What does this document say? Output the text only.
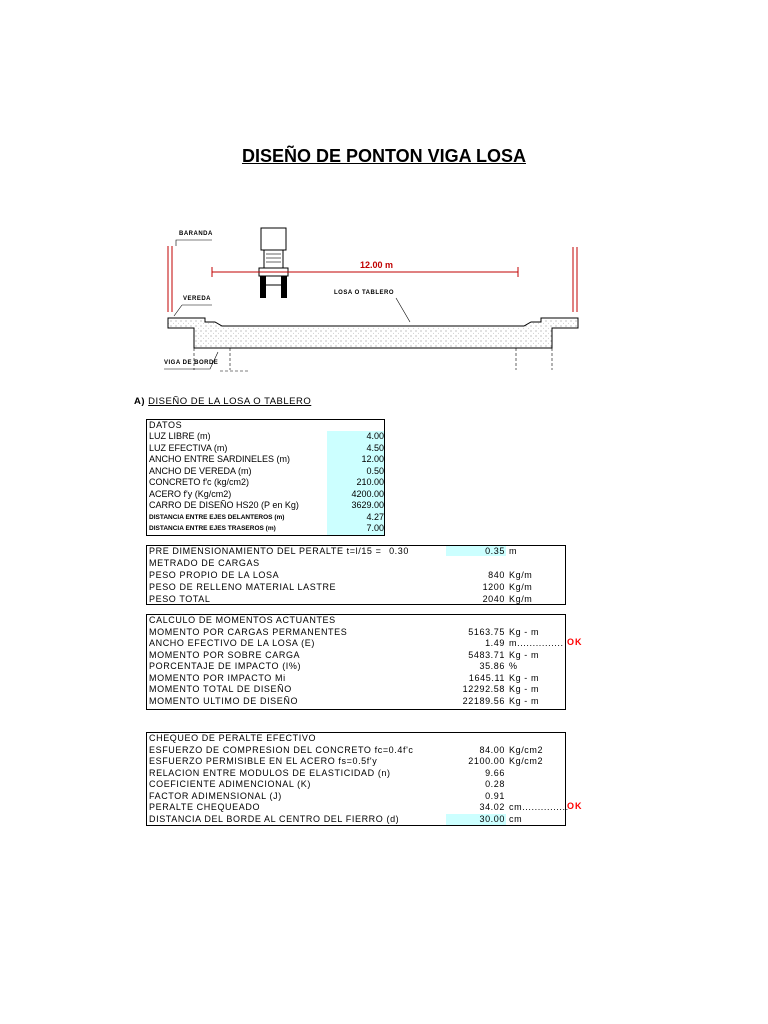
DISEÑO DE PONTON VIGA LOSA
BARANDA
VEREDA
12.00 m
LOSA O TABLERO
VIGA DE BORDE
A) DISEÑO DE LA LOSA O TABLERO
DATOS
LUZ LIBRE (m)	4.00
LUZ EFECTIVA (m)	4.50
ANCHO ENTRE SARDINELES (m)	12.00
ANCHO DE VEREDA (m)	0.50
CONCRETO f'c (kg/cm2)	210.00
ACERO f'y (Kg/cm2)	4200.00
CARRO DE DISEÑO HS20 (P en Kg)	3629.00
DISTANCIA ENTRE EJES DELANTEROS (m)	4.27
DISTANCIA ENTRE EJES TRASEROS (m)	7.00
PRE DIMENSIONAMIENTO DEL PERALTE t=l/15 = 0.30	0.35 m
METRADO DE CARGAS
PESO PROPIO DE LA LOSA	840 Kg/m
PESO DE RELLENO MATERIAL LASTRE	1200 Kg/m
PESO TOTAL	2040 Kg/m
CALCULO DE MOMENTOS ACTUANTES
MOMENTO POR CARGAS PERMANENTES	5163.75 Kg - m
ANCHO EFECTIVO DE LA LOSA (E)	1.49 m...............
MOMENTO POR SOBRE CARGA	5483.71 Kg - m
PORCENTAJE DE IMPACTO (I%)	35.86 %
MOMENTO POR IMPACTO Mi	1645.11 Kg - m
MOMENTO TOTAL DE DISEÑO	12292.58 Kg - m
MOMENTO ULTIMO DE DISEÑO	22189.56 Kg - m
CHEQUEO DE PERALTE EFECTIVO
ESFUERZO DE COMPRESION DEL CONCRETO fc=0.4f'c	84.00 Kg/cm2
ESFUERZO PERMISIBLE EN EL ACERO fs=0.5f'y	2100.00 Kg/cm2
RELACION ENTRE MODULOS DE ELASTICIDAD (n)	9.66
COEFICIENTE ADIMENCIONAL (K)	0.28
FACTOR ADIMENSIONAL (J)	0.91
PERALTE CHEQUEADO	34.02 cm...............
DISTANCIA DEL BORDE AL CENTRO DEL FIERRO (d)	30.00 cm
OK
OK
